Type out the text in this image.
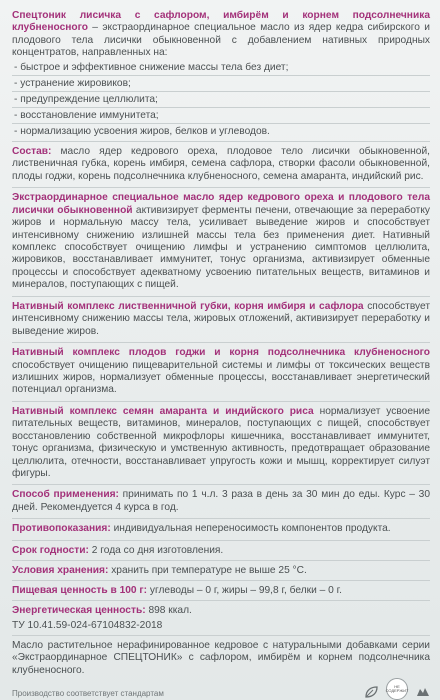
Спецтоник лисичка с сафлором, имбирём и корнем подсолнечника клубненосного – экстраординарное специальное масло из ядер кедра сибирского и плодового тела лисички обыкновенной с добавлением нативных природных концентратов, направленных на:

- быстрое и эффективное снижение массы тела без диет;
- устранение жировиков;
- предупреждение целлюлита;
- восстановление иммунитета;
- нормализацию усвоения жиров, белков и углеводов.

Состав: масло ядер кедрового ореха, плодовое тело лисички обыкновенной, лиственичная губка, корень имбиря, семена сафлора, створки фасоли обыкновенной, плоды годжи, корень подсолнечника клубненосного, семена амаранта, индийский рис.

Экстраординарное специальное масло ядер кедрового ореха и плодового тела лисички обыкновенной активизирует ферменты печени, отвечающие за переработку жиров и нормальную массу тела, усиливает выведение жиров и способствует интенсивному снижению излишней массы тела без применения диет. Нативный комплекс способствует очищению лимфы и устранению симптомов целлюлита, жировиков, восстанавливает иммунитет, тонус организма, активизирует обменные процессы и способствует адекватному усвоению питательных веществ, витаминов и минералов, поступающих с пищей.

Нативный комплекс лиственничной губки, корня имбиря и сафлора способствует интенсивному снижению массы тела, жировых отложений, активизирует переработку и выведение жиров.

Нативный комплекс плодов годжи и корня подсолнечника клубненосного способствует очищению пищеварительной системы и лимфы от токсических веществ излишних жиров, нормализует обменные процессы, восстанавливает энергетический потенциал организма.

Нативный комплекс семян амаранта и индийского риса нормализует усвоение питательных веществ, витаминов, минералов, поступающих с пищей, способствует восстановлению собственной микрофлоры кишечника, восстанавливает иммунитет, тонус организма, физическую и умственную активность, предотвращает образование целлюлита, отечности, восстанавливает упругость кожи и мышц, корректирует силуэт фигуры.

Способ применения: принимать по 1 ч.л. 3 раза в день за 30 мин до еды. Курс – 30 дней. Рекомендуется 4 курса в год.

Противопоказания: индивидуальная непереносимость компонентов продукта.

Срок годности: 2 года со дня изготовления.

Условия хранения: хранить при температуре не выше 25 °С.

Пищевая ценность в 100 г: углеводы – 0 г, жиры – 99,8 г, белки – 0 г.

Энергетическая ценность: 898 ккал.

ТУ 10.41.59-024-67104832-2018

Масло растительное нерафинированное кедровое с натуральными добавками серии «Экстраординарное СПЕЦТОНИК» с сафлором, имбирём и корнем подсолнечника клубненосного.

Производство соответствует стандартам
НЕ СОДЕРЖИТ
